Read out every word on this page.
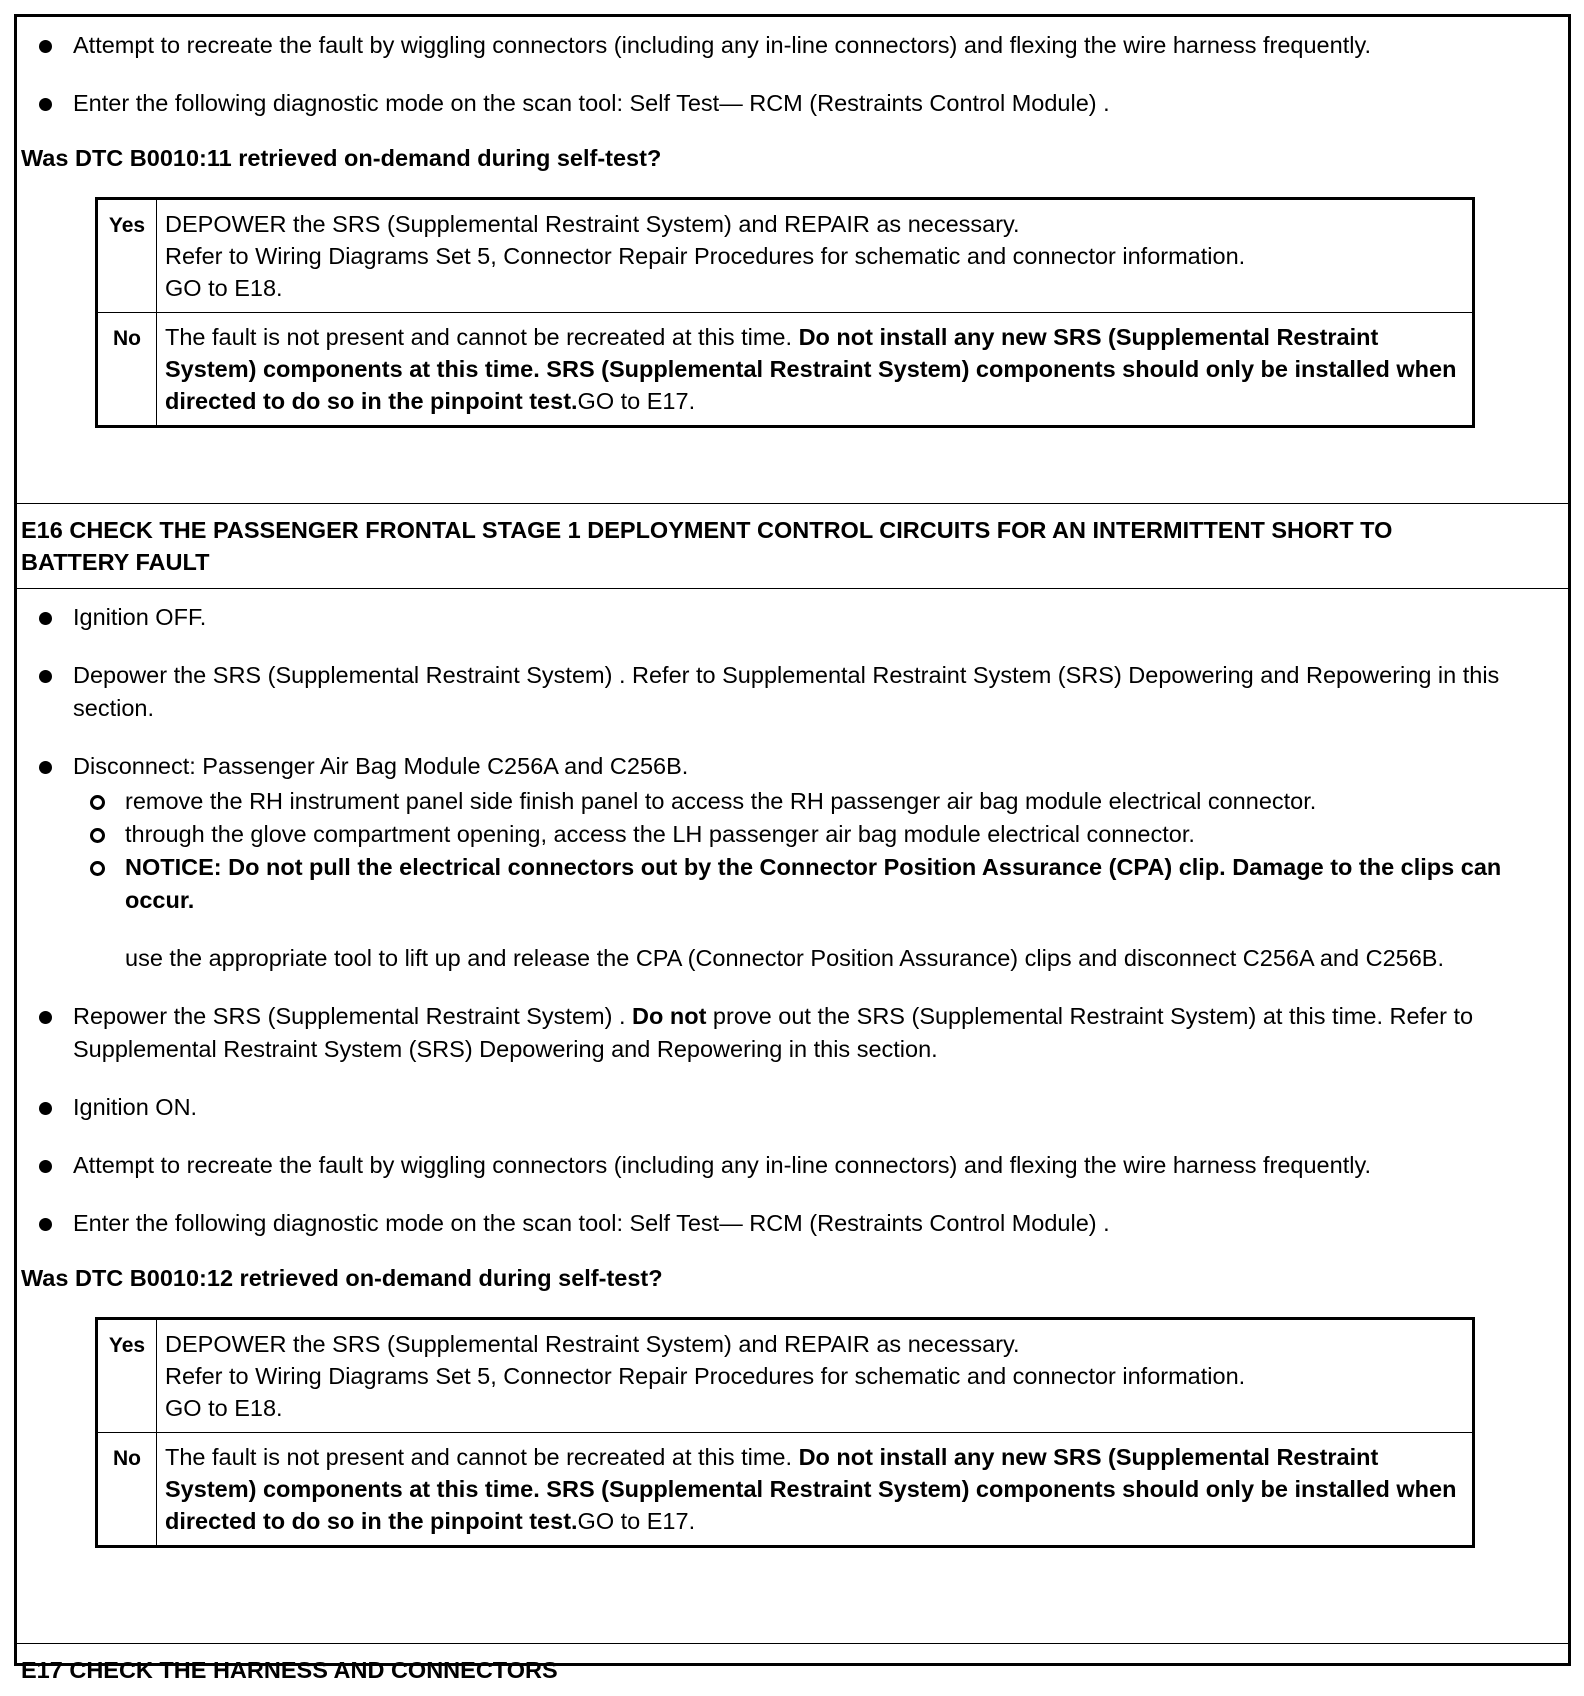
Attempt to recreate the fault by wiggling connectors (including any in-line connectors) and flexing the wire harness frequently.
Enter the following diagnostic mode on the scan tool: Self Test— RCM (Restraints Control Module) .
Was DTC B0010:11 retrieved on-demand during self-test?
Yes	DEPOWER the SRS (Supplemental Restraint System) and REPAIR as necessary.
Refer to Wiring Diagrams Set 5, Connector Repair Procedures for schematic and connector information.
GO to E18.

No	The fault is not present and cannot be recreated at this time. Do not install any new SRS (Supplemental Restraint System) components at this time. SRS (Supplemental Restraint System) components should only be installed when directed to do so in the pinpoint test.GO to E17.
E16 CHECK THE PASSENGER FRONTAL STAGE 1 DEPLOYMENT CONTROL CIRCUITS FOR AN INTERMITTENT SHORT TO BATTERY FAULT
Ignition OFF.
Depower the SRS (Supplemental Restraint System) . Refer to Supplemental Restraint System (SRS) Depowering and Repowering in this section.
Disconnect: Passenger Air Bag Module C256A and C256B.
remove the RH instrument panel side finish panel to access the RH passenger air bag module electrical connector.
through the glove compartment opening, access the LH passenger air bag module electrical connector.
NOTICE: Do not pull the electrical connectors out by the Connector Position Assurance (CPA) clip. Damage to the clips can occur.
use the appropriate tool to lift up and release the CPA (Connector Position Assurance) clips and disconnect C256A and C256B.
Repower the SRS (Supplemental Restraint System) . Do not prove out the SRS (Supplemental Restraint System) at this time. Refer to Supplemental Restraint System (SRS) Depowering and Repowering in this section.
Ignition ON.
Attempt to recreate the fault by wiggling connectors (including any in-line connectors) and flexing the wire harness frequently.
Enter the following diagnostic mode on the scan tool: Self Test— RCM (Restraints Control Module) .
Was DTC B0010:12 retrieved on-demand during self-test?
Yes	DEPOWER the SRS (Supplemental Restraint System) and REPAIR as necessary.
Refer to Wiring Diagrams Set 5, Connector Repair Procedures for schematic and connector information.
GO to E18.

No	The fault is not present and cannot be recreated at this time. Do not install any new SRS (Supplemental Restraint System) components at this time. SRS (Supplemental Restraint System) components should only be installed when directed to do so in the pinpoint test.GO to E17.
E17 CHECK THE HARNESS AND CONNECTORS
